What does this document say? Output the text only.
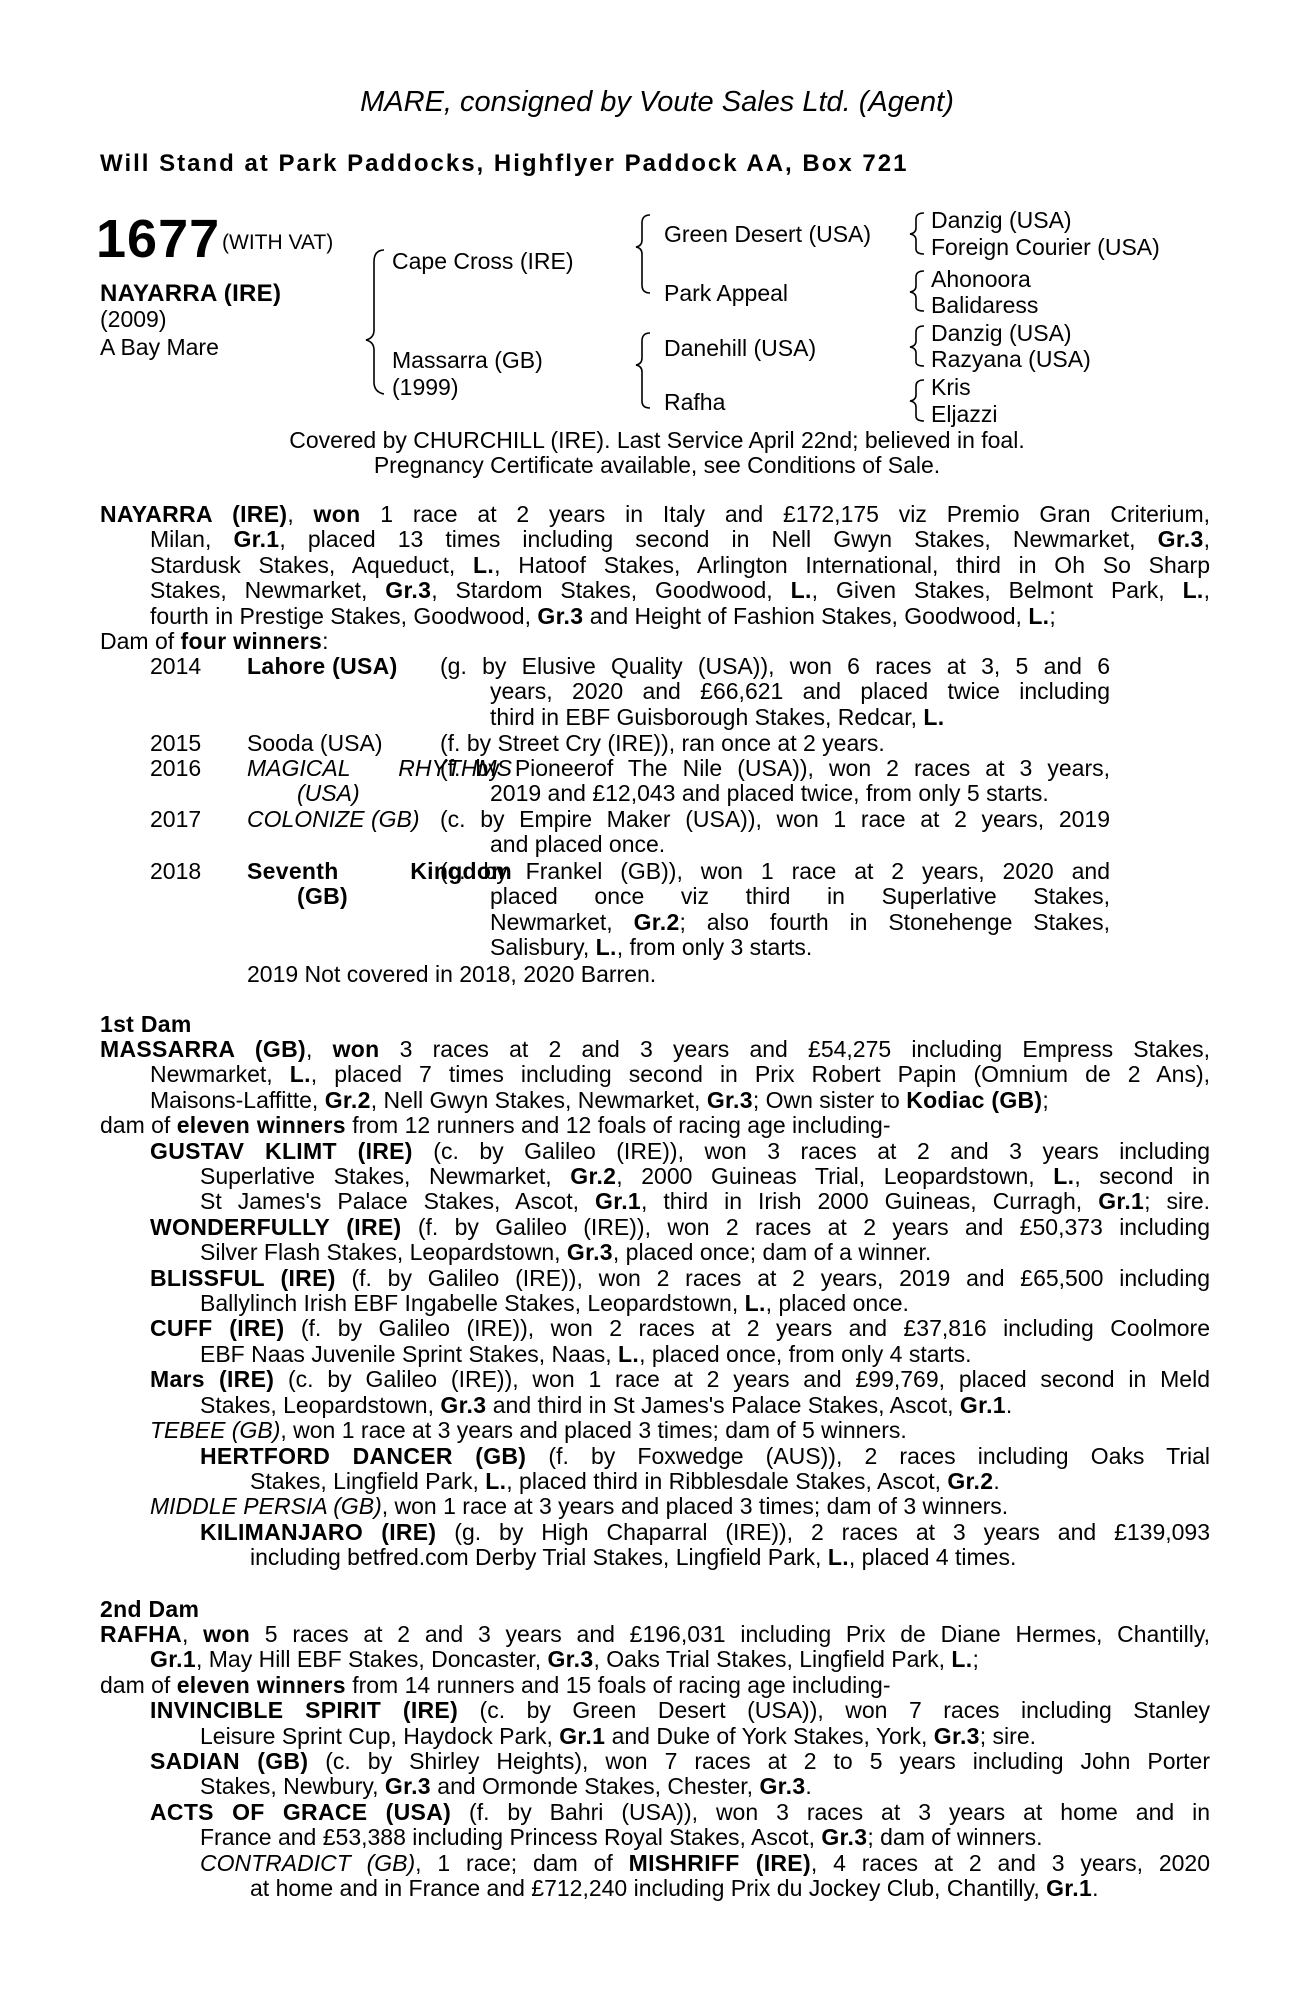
MARE, consigned by Voute Sales Ltd. (Agent)
Will Stand at Park Paddocks, Highflyer Paddock AA, Box 721
1677 (WITH VAT)
NAYARRA (IRE)
(2009)
A Bay Mare
Cape Cross (IRE)
Massarra (GB)
(1999)
Green Desert (USA)
Park Appeal
Danehill (USA)
Rafha
Danzig (USA)
Foreign Courier (USA)
Ahonoora
Balidaress
Danzig (USA)
Razyana (USA)
Kris
Eljazzi
Covered by CHURCHILL (IRE). Last Service April 22nd; believed in foal.
Pregnancy Certificate available, see Conditions of Sale.
NAYARRA (IRE), won 1 race at 2 years in Italy and £172,175 viz Premio Gran Criterium,
Milan, Gr.1, placed 13 times including second in Nell Gwyn Stakes, Newmarket, Gr.3,
Stardusk Stakes, Aqueduct, L., Hatoof Stakes, Arlington International, third in Oh So Sharp
Stakes, Newmarket, Gr.3, Stardom Stakes, Goodwood, L., Given Stakes, Belmont Park, L.,
fourth in Prestige Stakes, Goodwood, Gr.3 and Height of Fashion Stakes, Goodwood, L.;
Dam of four winners:
2014 Lahore (USA) (g. by Elusive Quality (USA)), won 6 races at 3, 5 and 6
years, 2020 and £66,621 and placed twice including
third in EBF Guisborough Stakes, Redcar, L.
2015 Sooda (USA) (f. by Street Cry (IRE)), ran once at 2 years.
2016 MAGICAL RHYTHMS
(USA)
(f. by Pioneerof The Nile (USA)), won 2 races at 3 years,
2019 and £12,043 and placed twice, from only 5 starts.
2017 COLONIZE (GB) (c. by Empire Maker (USA)), won 1 race at 2 years, 2019
and placed once.
2018 Seventh Kingdom
(GB)
(c. by Frankel (GB)), won 1 race at 2 years, 2020 and
placed once viz third in Superlative Stakes,
Newmarket, Gr.2; also fourth in Stonehenge Stakes,
Salisbury, L., from only 3 starts.
2019 Not covered in 2018, 2020 Barren.
1st Dam
MASSARRA (GB), won 3 races at 2 and 3 years and £54,275 including Empress Stakes,
Newmarket, L., placed 7 times including second in Prix Robert Papin (Omnium de 2 Ans),
Maisons-Laffitte, Gr.2, Nell Gwyn Stakes, Newmarket, Gr.3; Own sister to Kodiac (GB);
dam of eleven winners from 12 runners and 12 foals of racing age including-
GUSTAV KLIMT (IRE) (c. by Galileo (IRE)), won 3 races at 2 and 3 years including
Superlative Stakes, Newmarket, Gr.2, 2000 Guineas Trial, Leopardstown, L., second in
St James's Palace Stakes, Ascot, Gr.1, third in Irish 2000 Guineas, Curragh, Gr.1; sire.
WONDERFULLY (IRE) (f. by Galileo (IRE)), won 2 races at 2 years and £50,373 including
Silver Flash Stakes, Leopardstown, Gr.3, placed once; dam of a winner.
BLISSFUL (IRE) (f. by Galileo (IRE)), won 2 races at 2 years, 2019 and £65,500 including
Ballylinch Irish EBF Ingabelle Stakes, Leopardstown, L., placed once.
CUFF (IRE) (f. by Galileo (IRE)), won 2 races at 2 years and £37,816 including Coolmore
EBF Naas Juvenile Sprint Stakes, Naas, L., placed once, from only 4 starts.
Mars (IRE) (c. by Galileo (IRE)), won 1 race at 2 years and £99,769, placed second in Meld
Stakes, Leopardstown, Gr.3 and third in St James's Palace Stakes, Ascot, Gr.1.
TEBEE (GB), won 1 race at 3 years and placed 3 times; dam of 5 winners.
HERTFORD DANCER (GB) (f. by Foxwedge (AUS)), 2 races including Oaks Trial
Stakes, Lingfield Park, L., placed third in Ribblesdale Stakes, Ascot, Gr.2.
MIDDLE PERSIA (GB), won 1 race at 3 years and placed 3 times; dam of 3 winners.
KILIMANJARO (IRE) (g. by High Chaparral (IRE)), 2 races at 3 years and £139,093
including betfred.com Derby Trial Stakes, Lingfield Park, L., placed 4 times.
2nd Dam
RAFHA, won 5 races at 2 and 3 years and £196,031 including Prix de Diane Hermes, Chantilly,
Gr.1, May Hill EBF Stakes, Doncaster, Gr.3, Oaks Trial Stakes, Lingfield Park, L.;
dam of eleven winners from 14 runners and 15 foals of racing age including-
INVINCIBLE SPIRIT (IRE) (c. by Green Desert (USA)), won 7 races including Stanley
Leisure Sprint Cup, Haydock Park, Gr.1 and Duke of York Stakes, York, Gr.3; sire.
SADIAN (GB) (c. by Shirley Heights), won 7 races at 2 to 5 years including John Porter
Stakes, Newbury, Gr.3 and Ormonde Stakes, Chester, Gr.3.
ACTS OF GRACE (USA) (f. by Bahri (USA)), won 3 races at 3 years at home and in
France and £53,388 including Princess Royal Stakes, Ascot, Gr.3; dam of winners.
CONTRADICT (GB), 1 race; dam of MISHRIFF (IRE), 4 races at 2 and 3 years, 2020
at home and in France and £712,240 including Prix du Jockey Club, Chantilly, Gr.1.
